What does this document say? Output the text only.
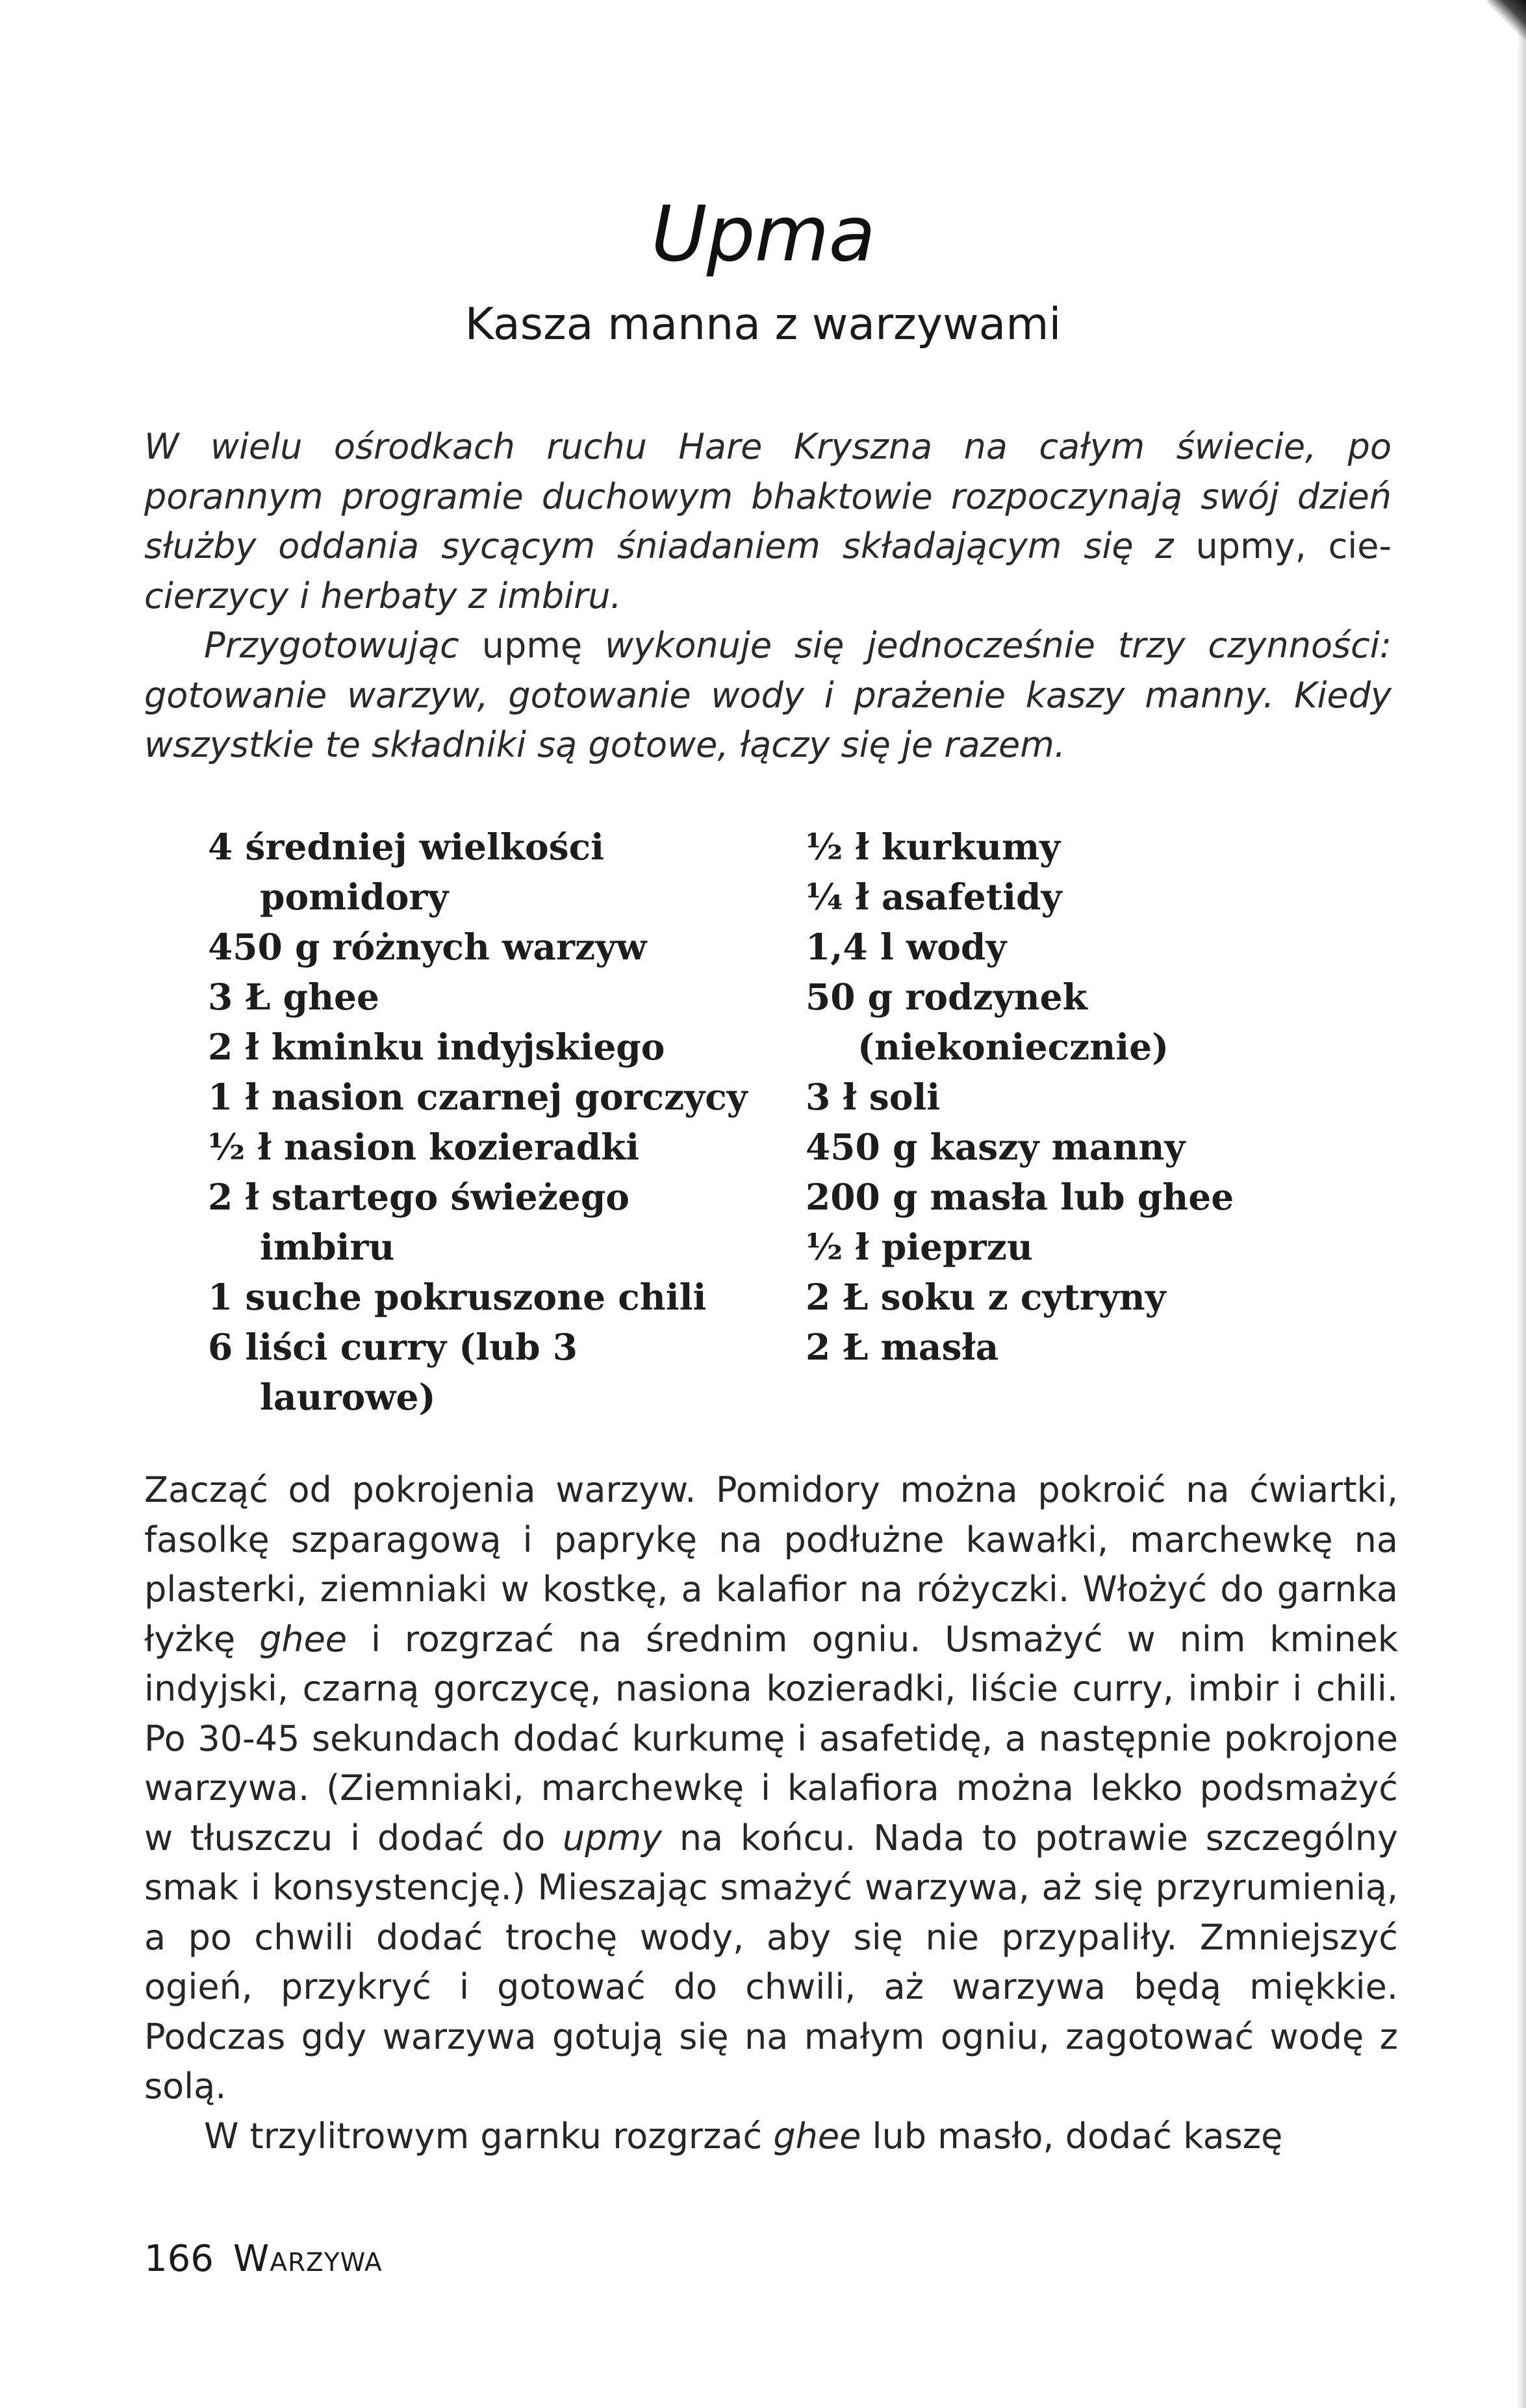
Upma
Kasza manna z warzywami

W wielu ośrodkach ruchu Hare Kryszna na całym świecie, po porannym programie duchowym bhaktowie rozpoczynają swój dzień służby oddania sycącym śniadaniem składającym się z upmy, cie-cierzycy i herbaty z imbiru.

Przygotowując upmę wykonuje się jednocześnie trzy czynności: gotowanie warzyw, gotowanie wody i prażenie kaszy manny. Kiedy wszystkie te składniki są gotowe, łączy się je razem.

4 średniej wielkości pomidory
450 g różnych warzyw
3 Ł ghee
2 ł kminku indyjskiego
1 ł nasion czarnej gorczycy
½ ł nasion kozieradki
2 ł startego świeżego imbiru
1 suche pokruszone chili
6 liści curry (lub 3 laurowe)
½ ł kurkumy
¼ ł asafetidy
1,4 l wody
50 g rodzynek (niekoniecznie)
3 ł soli
450 g kaszy manny
200 g masła lub ghee
½ ł pieprzu
2 Ł soku z cytryny
2 Ł masła

Zacząć od pokrojenia warzyw. Pomidory można pokroić na ćwiartki, fasolkę szparagową i paprykę na podłużne kawałki, marchewkę na plasterki, ziemniaki w kostkę, a kalafior na różyczki. Włożyć do garnka łyżkę ghee i rozgrzać na średnim ogniu. Usmażyć w nim kminek indyjski, czarną gorczycę, nasiona kozieradki, liście curry, imbir i chili. Po 30-45 sekundach dodać kurkumę i asafetidę, a następnie pokrojone warzywa. (Ziemniaki, marchewkę i kalafiora można lekko podsmażyć w tłuszczu i dodać do upmy na końcu. Nada to potrawie szczególny smak i konsystencję.) Mieszając smażyć warzywa, aż się przyrumienią, a po chwili dodać trochę wody, aby się nie przypaliły. Zmniejszyć ogień, przykryć i gotować do chwili, aż warzywa będą miękkie. Podczas gdy warzywa gotują się na małym ogniu, zagotować wodę z solą.

W trzylitrowym garnku rozgrzać ghee lub masło, dodać kaszę

166 Warzywa
